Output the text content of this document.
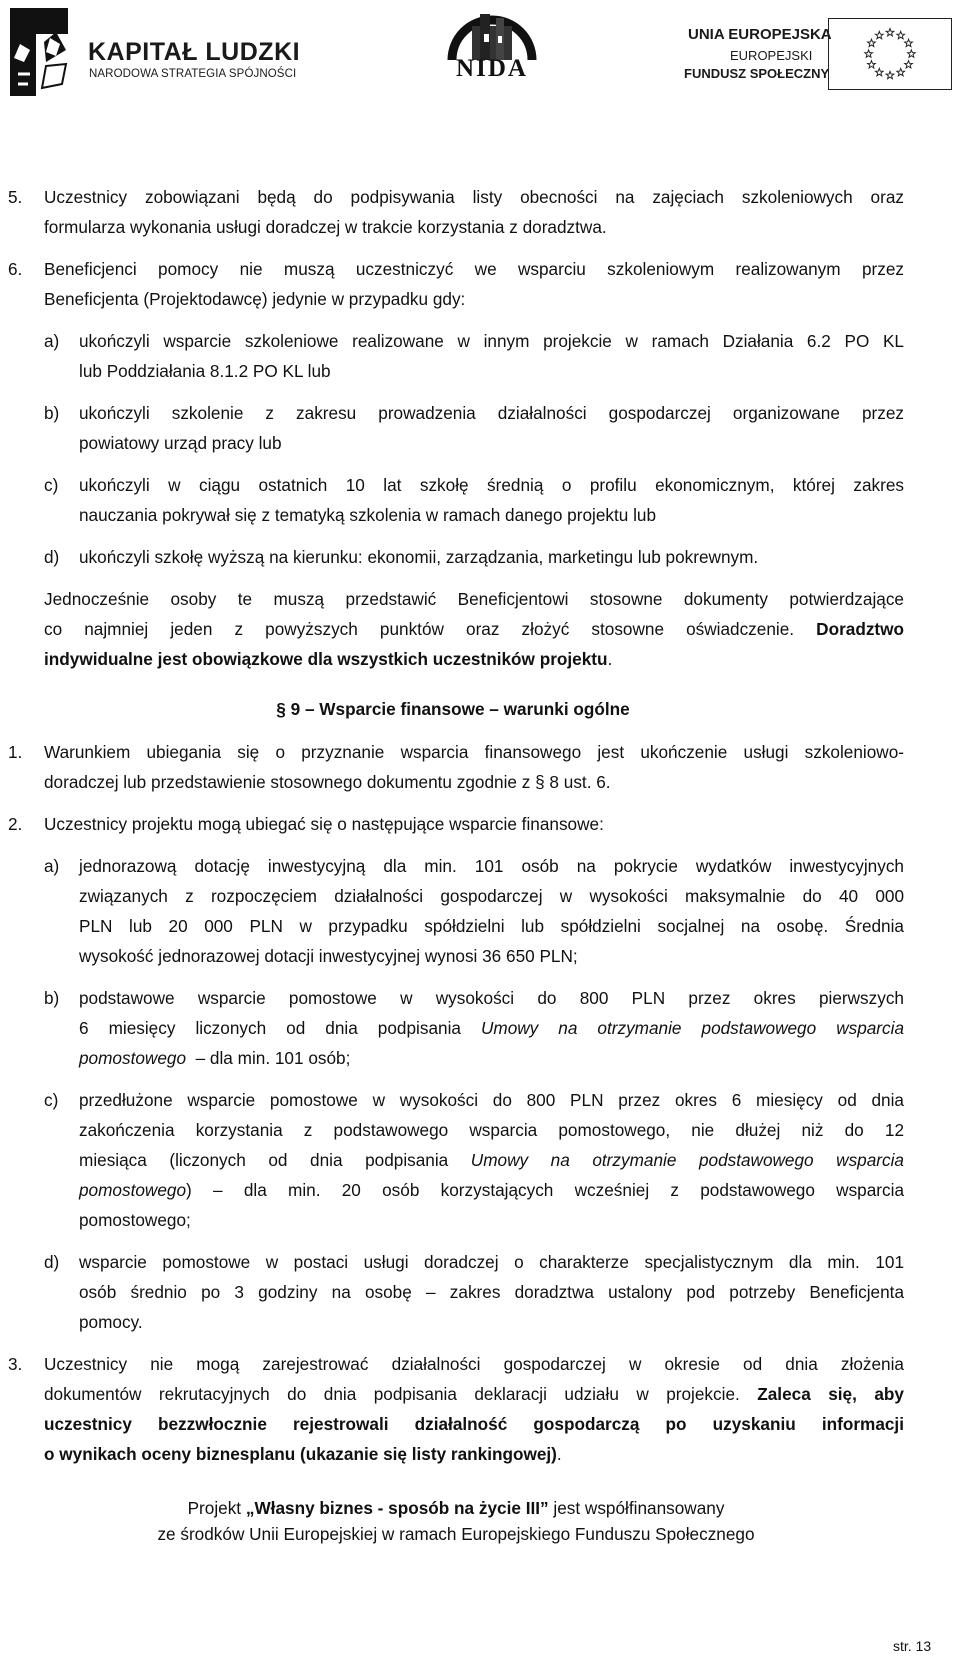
KAPITAŁ LUDZKI
NARODOWA STRATEGIA SPÓJNOŚCI
NIDZICKA FUNDACJA ROZWOJU
NIDA
UNIA EUROPEJSKA
EUROPEJSKI
FUNDUSZ SPOŁECZNY
5. Uczestnicy zobowiązani będą do podpisywania listy obecności na zajęciach szkoleniowych oraz
formularza wykonania usługi doradczej w trakcie korzystania z doradztwa.
6. Beneficjenci pomocy nie muszą uczestniczyć we wsparciu szkoleniowym realizowanym przez
Beneficjenta (Projektodawcę) jedynie w przypadku gdy:
a) ukończyli wsparcie szkoleniowe realizowane w innym projekcie w ramach Działania 6.2 PO KL
lub Poddziałania 8.1.2 PO KL lub
b) ukończyli szkolenie z zakresu prowadzenia działalności gospodarczej organizowane przez
powiatowy urząd pracy lub
c) ukończyli w ciągu ostatnich 10 lat szkołę średnią o profilu ekonomicznym, której zakres
nauczania pokrywał się z tematyką szkolenia w ramach danego projektu lub
d) ukończyli szkołę wyższą na kierunku: ekonomii, zarządzania, marketingu lub pokrewnym.
Jednocześnie osoby te muszą przedstawić Beneficjentowi stosowne dokumenty potwierdzające
co najmniej jeden z powyższych punktów oraz złożyć stosowne oświadczenie. Doradztwo
indywidualne jest obowiązkowe dla wszystkich uczestników projektu.
§ 9 – Wsparcie finansowe – warunki ogólne
1. Warunkiem ubiegania się o przyznanie wsparcia finansowego jest ukończenie usługi szkoleniowo-
doradczej lub przedstawienie stosownego dokumentu zgodnie z § 8 ust. 6.
2. Uczestnicy projektu mogą ubiegać się o następujące wsparcie finansowe:
a) jednorazową dotację inwestycyjną dla min. 101 osób na pokrycie wydatków inwestycyjnych
związanych z rozpoczęciem działalności gospodarczej w wysokości maksymalnie do 40 000
PLN lub 20 000 PLN w przypadku spółdzielni lub spółdzielni socjalnej na osobę. Średnia
wysokość jednorazowej dotacji inwestycyjnej wynosi 36 650 PLN;
b) podstawowe wsparcie pomostowe w wysokości do 800 PLN przez okres pierwszych
6 miesięcy liczonych od dnia podpisania Umowy na otrzymanie podstawowego wsparcia
pomostowego – dla min. 101 osób;
c) przedłużone wsparcie pomostowe w wysokości do 800 PLN przez okres 6 miesięcy od dnia
zakończenia korzystania z podstawowego wsparcia pomostowego, nie dłużej niż do 12
miesiąca (liczonych od dnia podpisania Umowy na otrzymanie podstawowego wsparcia
pomostowego) – dla min. 20 osób korzystających wcześniej z podstawowego wsparcia
pomostowego;
d) wsparcie pomostowe w postaci usługi doradczej o charakterze specjalistycznym dla min. 101
osób średnio po 3 godziny na osobę – zakres doradztwa ustalony pod potrzeby Beneficjenta
pomocy.
3. Uczestnicy nie mogą zarejestrować działalności gospodarczej w okresie od dnia złożenia
dokumentów rekrutacyjnych do dnia podpisania deklaracji udziału w projekcie. Zaleca się, aby
uczestnicy bezzwłocznie rejestrowali działalność gospodarczą po uzyskaniu informacji
o wynikach oceny biznesplanu (ukazanie się listy rankingowej).
Projekt „Własny biznes - sposób na życie III” jest współfinansowany
ze środków Unii Europejskiej w ramach Europejskiego Funduszu Społecznego
str. 13
